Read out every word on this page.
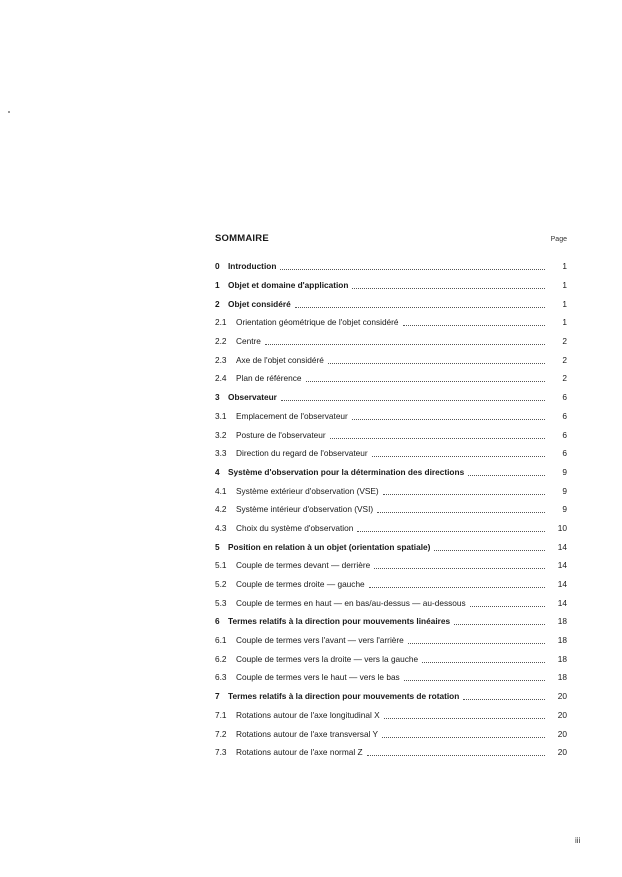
SOMMAIRE	Page
0	Introduction	1
1	Objet et domaine d'application	1
2	Objet considéré	1
2.1	Orientation géométrique de l'objet considéré	1
2.2	Centre	2
2.3	Axe de l'objet considéré	2
2.4	Plan de référence	2
3	Observateur	6
3.1	Emplacement de l'observateur	6
3.2	Posture de l'observateur	6
3.3	Direction du regard de l'observateur	6
4	Système d'observation pour la détermination des directions	9
4.1	Système extérieur d'observation (VSE)	9
4.2	Système intérieur d'observation (VSI)	9
4.3	Choix du système d'observation	10
5	Position en relation à un objet (orientation spatiale)	14
5.1	Couple de termes devant — derrière	14
5.2	Couple de termes droite — gauche	14
5.3	Couple de termes en haut — en bas/au-dessus — au-dessous	14
6	Termes relatifs à la direction pour mouvements linéaires	18
6.1	Couple de termes vers l'avant — vers l'arrière	18
6.2	Couple de termes vers la droite — vers la gauche	18
6.3	Couple de termes vers le haut — vers le bas	18
7	Termes relatifs à la direction pour mouvements de rotation	20
7.1	Rotations autour de l'axe longitudinal X	20
7.2	Rotations autour de l'axe transversal Y	20
7.3	Rotations autour de l'axe normal Z	20
iii
